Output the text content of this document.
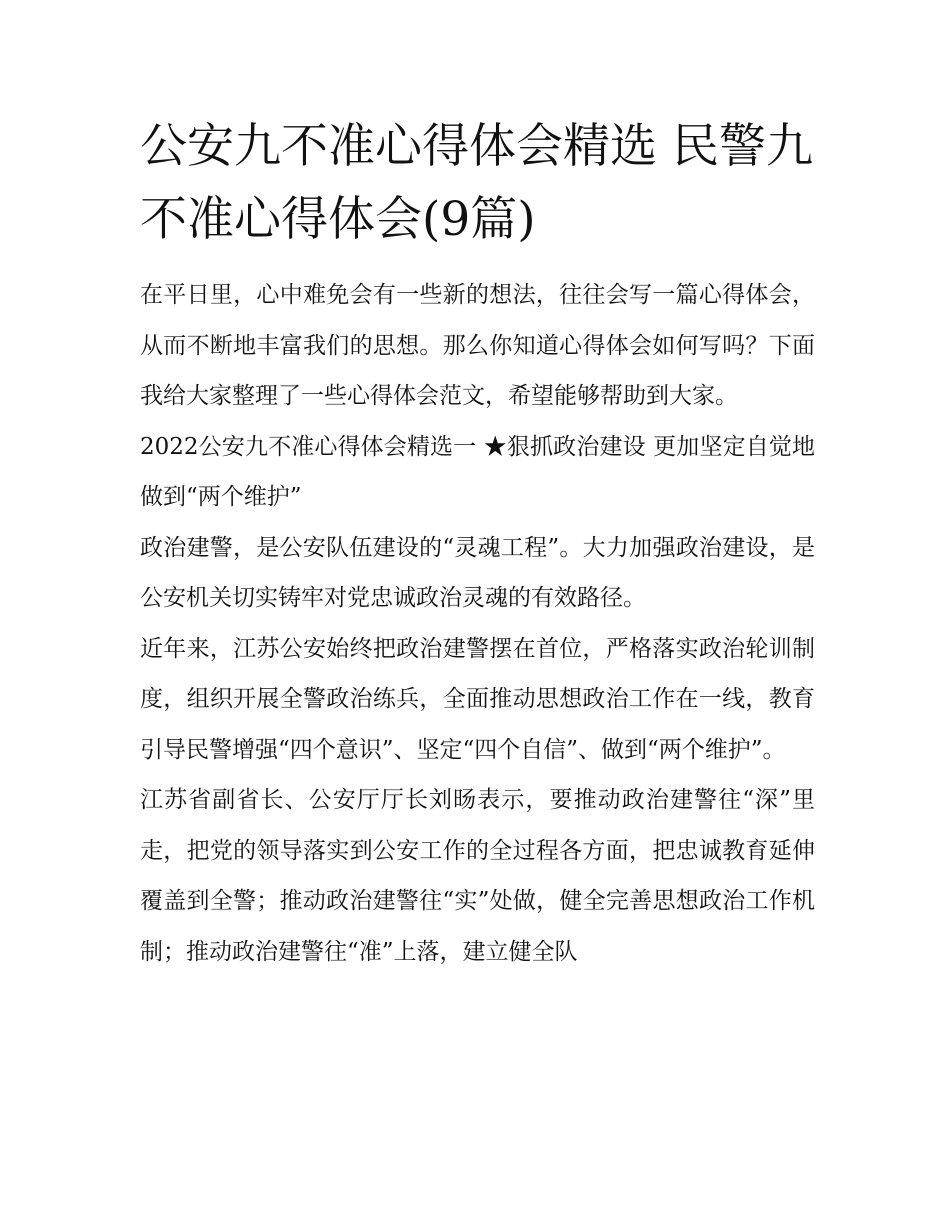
公安九不准心得体会精选 民警九不准心得体会(9篇)

在平日里，心中难免会有一些新的想法，往往会写一篇心得体会，从而不断地丰富我们的思想。那么你知道心得体会如何写吗？下面我给大家整理了一些心得体会范文，希望能够帮助到大家。

2022公安九不准心得体会精选一 ★狠抓政治建设 更加坚定自觉地做到“两个维护”

政治建警，是公安队伍建设的“灵魂工程”。大力加强政治建设，是公安机关切实铸牢对党忠诚政治灵魂的有效路径。

近年来，江苏公安始终把政治建警摆在首位，严格落实政治轮训制度，组织开展全警政治练兵，全面推动思想政治工作在一线，教育引导民警增强“四个意识”、坚定“四个自信”、做到“两个维护”。

江苏省副省长、公安厅厅长刘旸表示，要推动政治建警往“深”里走，把党的领导落实到公安工作的全过程各方面，把忠诚教育延伸覆盖到全警；推动政治建警往“实”处做，健全完善思想政治工作机制；推动政治建警往“准”上落，建立健全队
